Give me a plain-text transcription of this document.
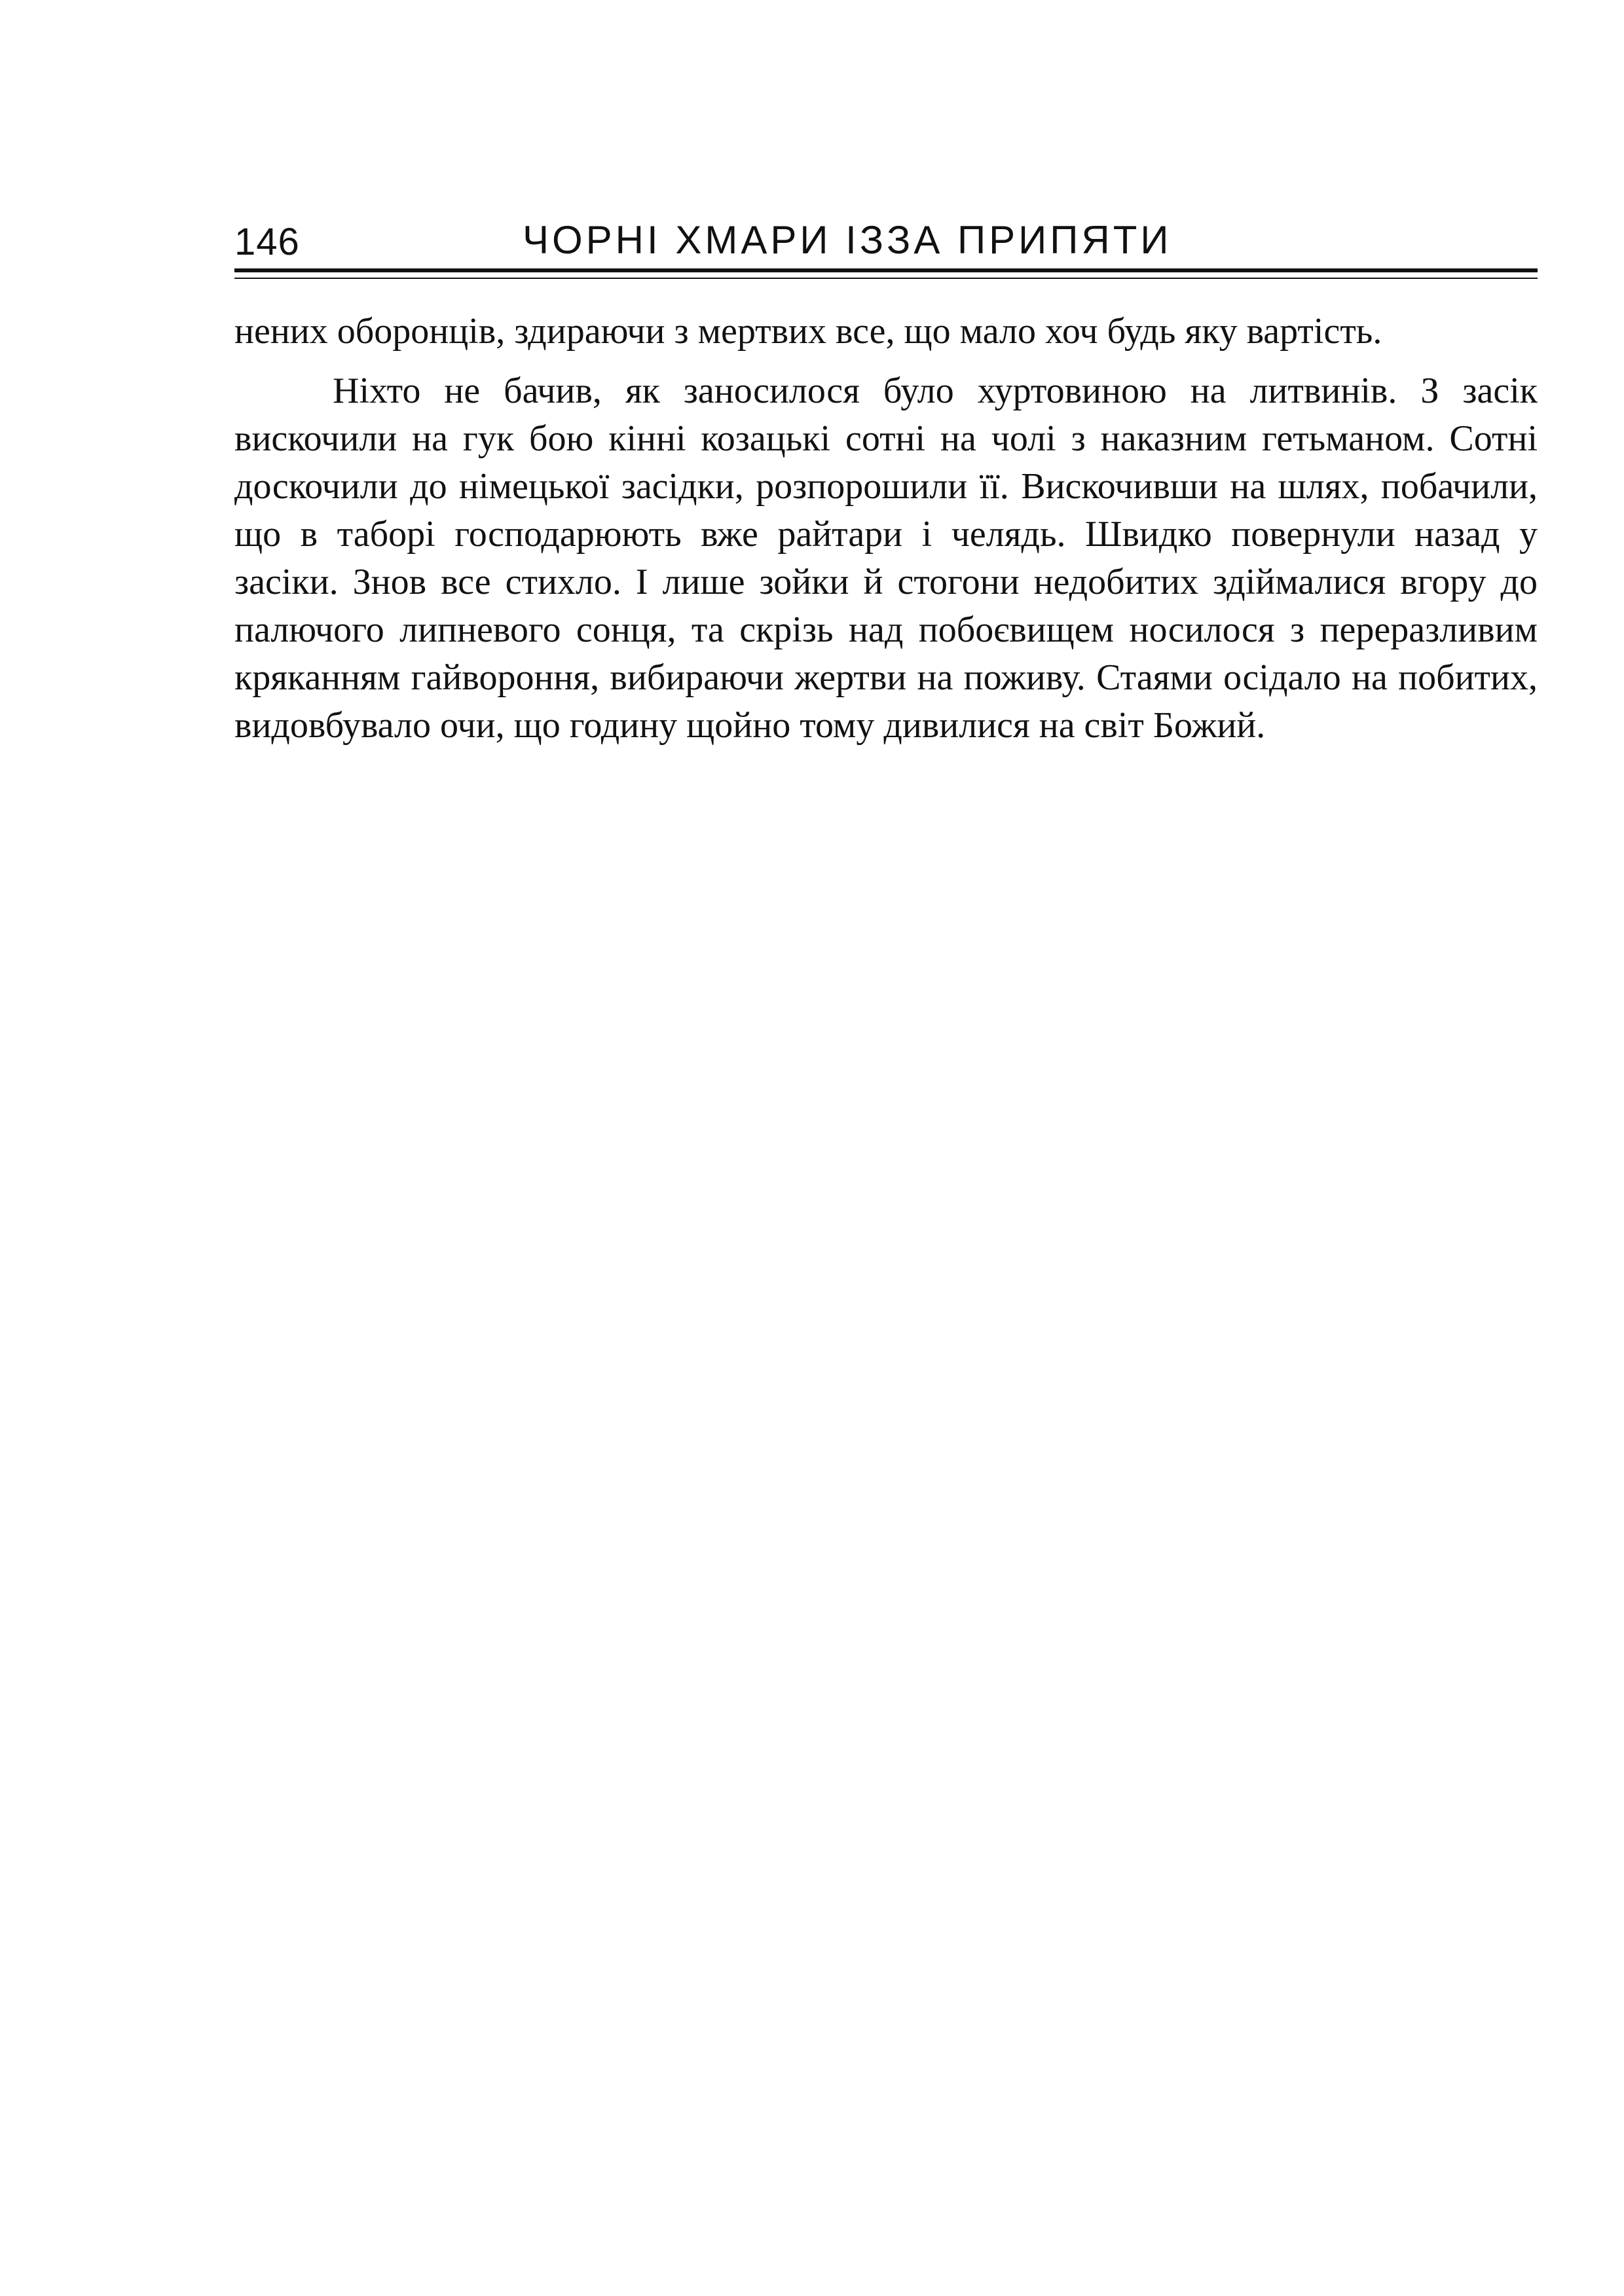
146	ЧОРНІ ХМАРИ ІЗЗА ПРИПЯТИ

нених оборонців, здираючи з мертвих все, що мало хоч будь яку вартість.

Ніхто не бачив, як заносилося було хуртовиною на литвинів. З засік вискочили на гук бою кінні козацькі сотні на чолі з наказним гетьманом. Сотні доскочили до німецької засідки, розпорошили її. Вискочивши на шлях, побачили, що в таборі господарюють вже райтари і челядь. Швидко повернули назад у засіки. Знов все стихло. І лише зойки й стогони недобитих здіймалися вгору до палючого липневого сонця, та скрізь над побоєвищем носилося з переразливим кряканням гайвороння, вибираючи жертви на поживу. Стаями осідало на побитих, видовбувало очи, що годину щойно тому дивилися на світ Божий.
